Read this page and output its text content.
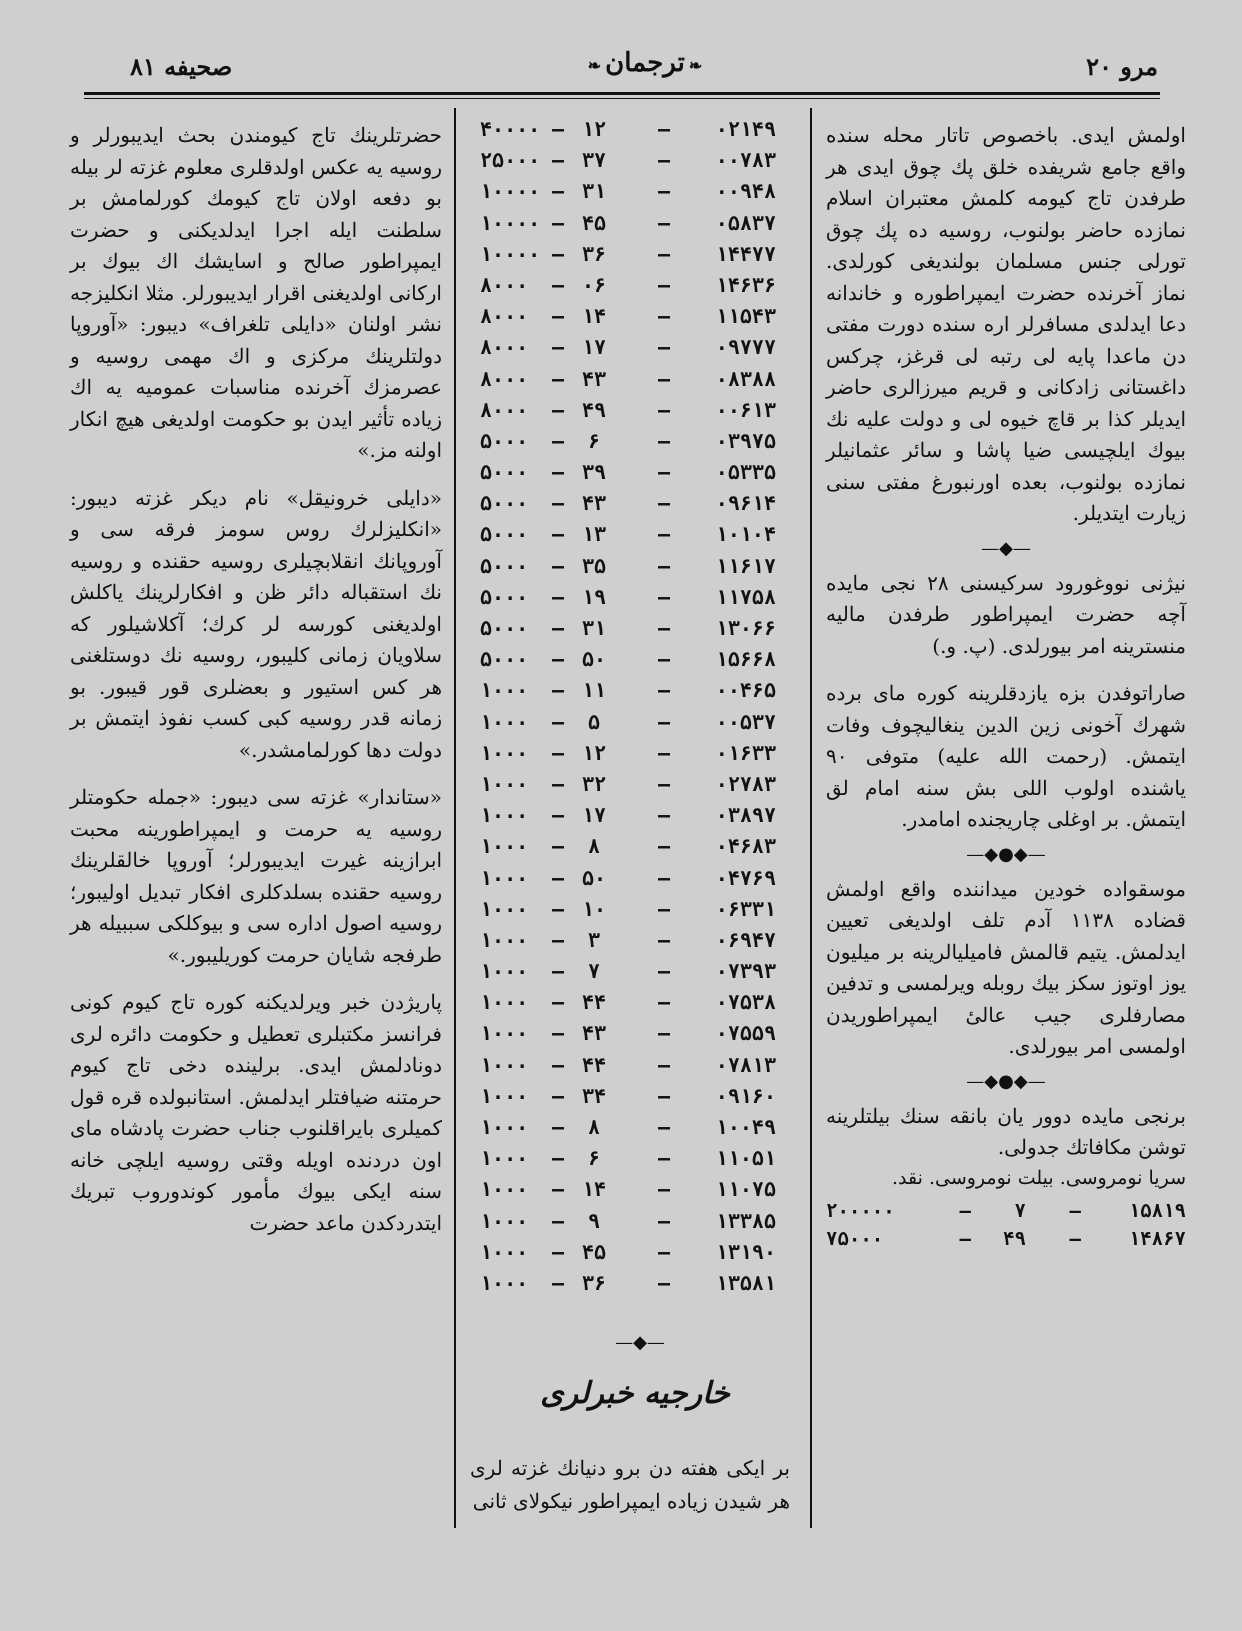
مرو ۲۰
❧ ترجمان ❧
صحیفه ۸۱

اولمش ایدی. باخصوص تاتار محله سنده واقع جامع شریفده خلق پك چوق ایدی هر طرفدن تاج کیومه کلمش معتبران اسلام نمازده حاضر بولنوب، روسیه ده پك چوق تورلی جنس مسلمان بولندیغی کورلدی. نماز آخرنده حضرت ایمپراطوره و خاندانه دعا ایدلدی مسافرلر اره سنده دورت مفتی دن ماعدا پایه لی رتبه لی قرغز، چرکس داغستانی زادکانی و قریم میرزالری حاضر ایدیلر کذا بر قاچ خیوه لی و دولت علیه نك بیوك ایلچیسی ضیا پاشا و سائر عثمانیلر نمازده بولنوب، بعده اورنبورغ مفتی سنی زیارت ایتدیلر.

—◆—

نیژنی نووغورود سرکیسنی ۲۸ نجی مایده آچه حضرت ایمپراطور طرفدن مالیه منسترینه امر بیورلدی. (پ. و.)

صاراتوفدن بزه یازدقلرینه کوره مای برده شهرك آخونی زین الدین ینغالیچوف وفات ایتمش. (رحمت الله علیه) متوفی ۹۰ یاشنده اولوب اللی بش سنه امام لق ایتمش. بر اوغلی چاریجنده امامدر.

—◆●◆—

موسقواده خودین میداننده واقع اولمش قضاده ۱۱۳۸ آدم تلف اولدیغی تعیین ایدلمش. یتیم قالمش فامیلیالرینه بر میلیون یوز اوتوز سکز بیك روبله ویرلمسی و تدفین مصارفلری جیب عالیٔ ایمپراطوریدن اولمسی امر بیورلدی.

—◆●◆—

برنجی مایده دوور یان بانقه سنك بیلتلرینه توشن مکافاتك جدولی.

سریا نومروسی. بیلت نومروسی. نقد.
۱۵۸۱۹
—
۷
—
۲۰۰۰۰۰
۱۴۸۶۷
—
۴۹
—
۷۵۰۰۰
۰۲۱۴۹
—
۱۲
—
۴۰۰۰۰
۰۰۷۸۳
—
۳۷
—
۲۵۰۰۰
۰۰۹۴۸
—
۳۱
—
۱۰۰۰۰
۰۵۸۳۷
—
۴۵
—
۱۰۰۰۰
۱۴۴۷۷
—
۳۶
—
۱۰۰۰۰
۱۴۶۳۶
—
۰۶
—
۸۰۰۰
۱۱۵۴۳
—
۱۴
—
۸۰۰۰
۰۹۷۷۷
—
۱۷
—
۸۰۰۰
۰۸۳۸۸
—
۴۳
—
۸۰۰۰
۰۰۶۱۳
—
۴۹
—
۸۰۰۰
۰۳۹۷۵
—
۶
—
۵۰۰۰
۰۵۳۳۵
—
۳۹
—
۵۰۰۰
۰۹۶۱۴
—
۴۳
—
۵۰۰۰
۱۰۱۰۴
—
۱۳
—
۵۰۰۰
۱۱۶۱۷
—
۳۵
—
۵۰۰۰
۱۱۷۵۸
—
۱۹
—
۵۰۰۰
۱۳۰۶۶
—
۳۱
—
۵۰۰۰
۱۵۶۶۸
—
۵۰
—
۵۰۰۰
۰۰۴۶۵
—
۱۱
—
۱۰۰۰
۰۰۵۳۷
—
۵
—
۱۰۰۰
۰۱۶۳۳
—
۱۲
—
۱۰۰۰
۰۲۷۸۳
—
۳۲
—
۱۰۰۰
۰۳۸۹۷
—
۱۷
—
۱۰۰۰
۰۴۶۸۳
—
۸
—
۱۰۰۰
۰۴۷۶۹
—
۵۰
—
۱۰۰۰
۰۶۳۳۱
—
۱۰
—
۱۰۰۰
۰۶۹۴۷
—
۳
—
۱۰۰۰
۰۷۳۹۳
—
۷
—
۱۰۰۰
۰۷۵۳۸
—
۴۴
—
۱۰۰۰
۰۷۵۵۹
—
۴۳
—
۱۰۰۰
۰۷۸۱۳
—
۴۴
—
۱۰۰۰
۰۹۱۶۰
—
۳۴
—
۱۰۰۰
۱۰۰۴۹
—
۸
—
۱۰۰۰
۱۱۰۵۱
—
۶
—
۱۰۰۰
۱۱۰۷۵
—
۱۴
—
۱۰۰۰
۱۳۳۸۵
—
۹
—
۱۰۰۰
۱۳۱۹۰
—
۴۵
—
۱۰۰۰
۱۳۵۸۱
—
۳۶
—
۱۰۰۰
—◆—
خارجیه خبرلری
بر ایکی هفته دن برو دنیانك غزته لری هر شیدن زیاده ایمپراطور نیکولای ثانی

حضرتلرینك تاج کیومندن بحث ایدیبورلر و روسیه یه عکس اولدقلری معلوم غزته لر بیله بو دفعه اولان تاج کیومك کورلمامش بر سلطنت ایله اجرا ایدلدیکنی و حضرت ایمپراطور صالح و اسایشك اك بیوك بر ارکانی اولدیغنی اقرار ایدیبورلر. مثلا انکلیزجه نشر اولنان «دایلی تلغراف» دیبور: «آوروپا دولتلرینك مرکزی و اك مهمی روسیه و عصرمزك آخرنده مناسبات عمومیه یه اك زیاده تأثیر ایدن بو حکومت اولدیغی هیچ انکار اولنه مز.»

«دایلی خرونیقل» نام دیکر غزته دیبور: «انکلیزلرك روس سومز فرقه سی و آوروپانك انقلابچیلری روسیه حقنده و روسیه نك استقباله دائر ظن و افکارلرینك یاکلش اولدیغنی کورسه لر کرك؛ آکلاشیلور که سلاویان زمانی کلیبور، روسیه نك دوستلغنی هر کس استیور و بعضلری قور قیبور. بو زمانه قدر روسیه کبی کسب نفوذ ایتمش بر دولت دها کورلمامشدر.»

«ستاندار» غزته سی دیبور: «جمله حکومتلر روسیه یه حرمت و ایمپراطورینه محبت ابرازینه غیرت ایدیبورلر؛ آوروپا خالقلرینك روسیه حقنده بسلدکلری افکار تبدیل اولیبور؛ روسیه اصول اداره سی و بیوکلکی سببیله هر طرفجه شایان حرمت کوریلیبور.»

پاریژدن خبر ویرلدیکنه کوره تاج کیوم کونی فرانسز مکتبلری تعطیل و حکومت دائره لری دونادلمش ایدی. برلینده دخی تاج کیوم حرمتنه ضیافتلر ایدلمش. استانبولده قره قول کمیلری بایراقلنوب جناب حضرت پادشاه مای اون دردنده اویله وقتی روسیه ایلچی خانه سنه ایکی بیوك مأمور کوندوروب تبریك ایتدردکدن ماعد حضرت
